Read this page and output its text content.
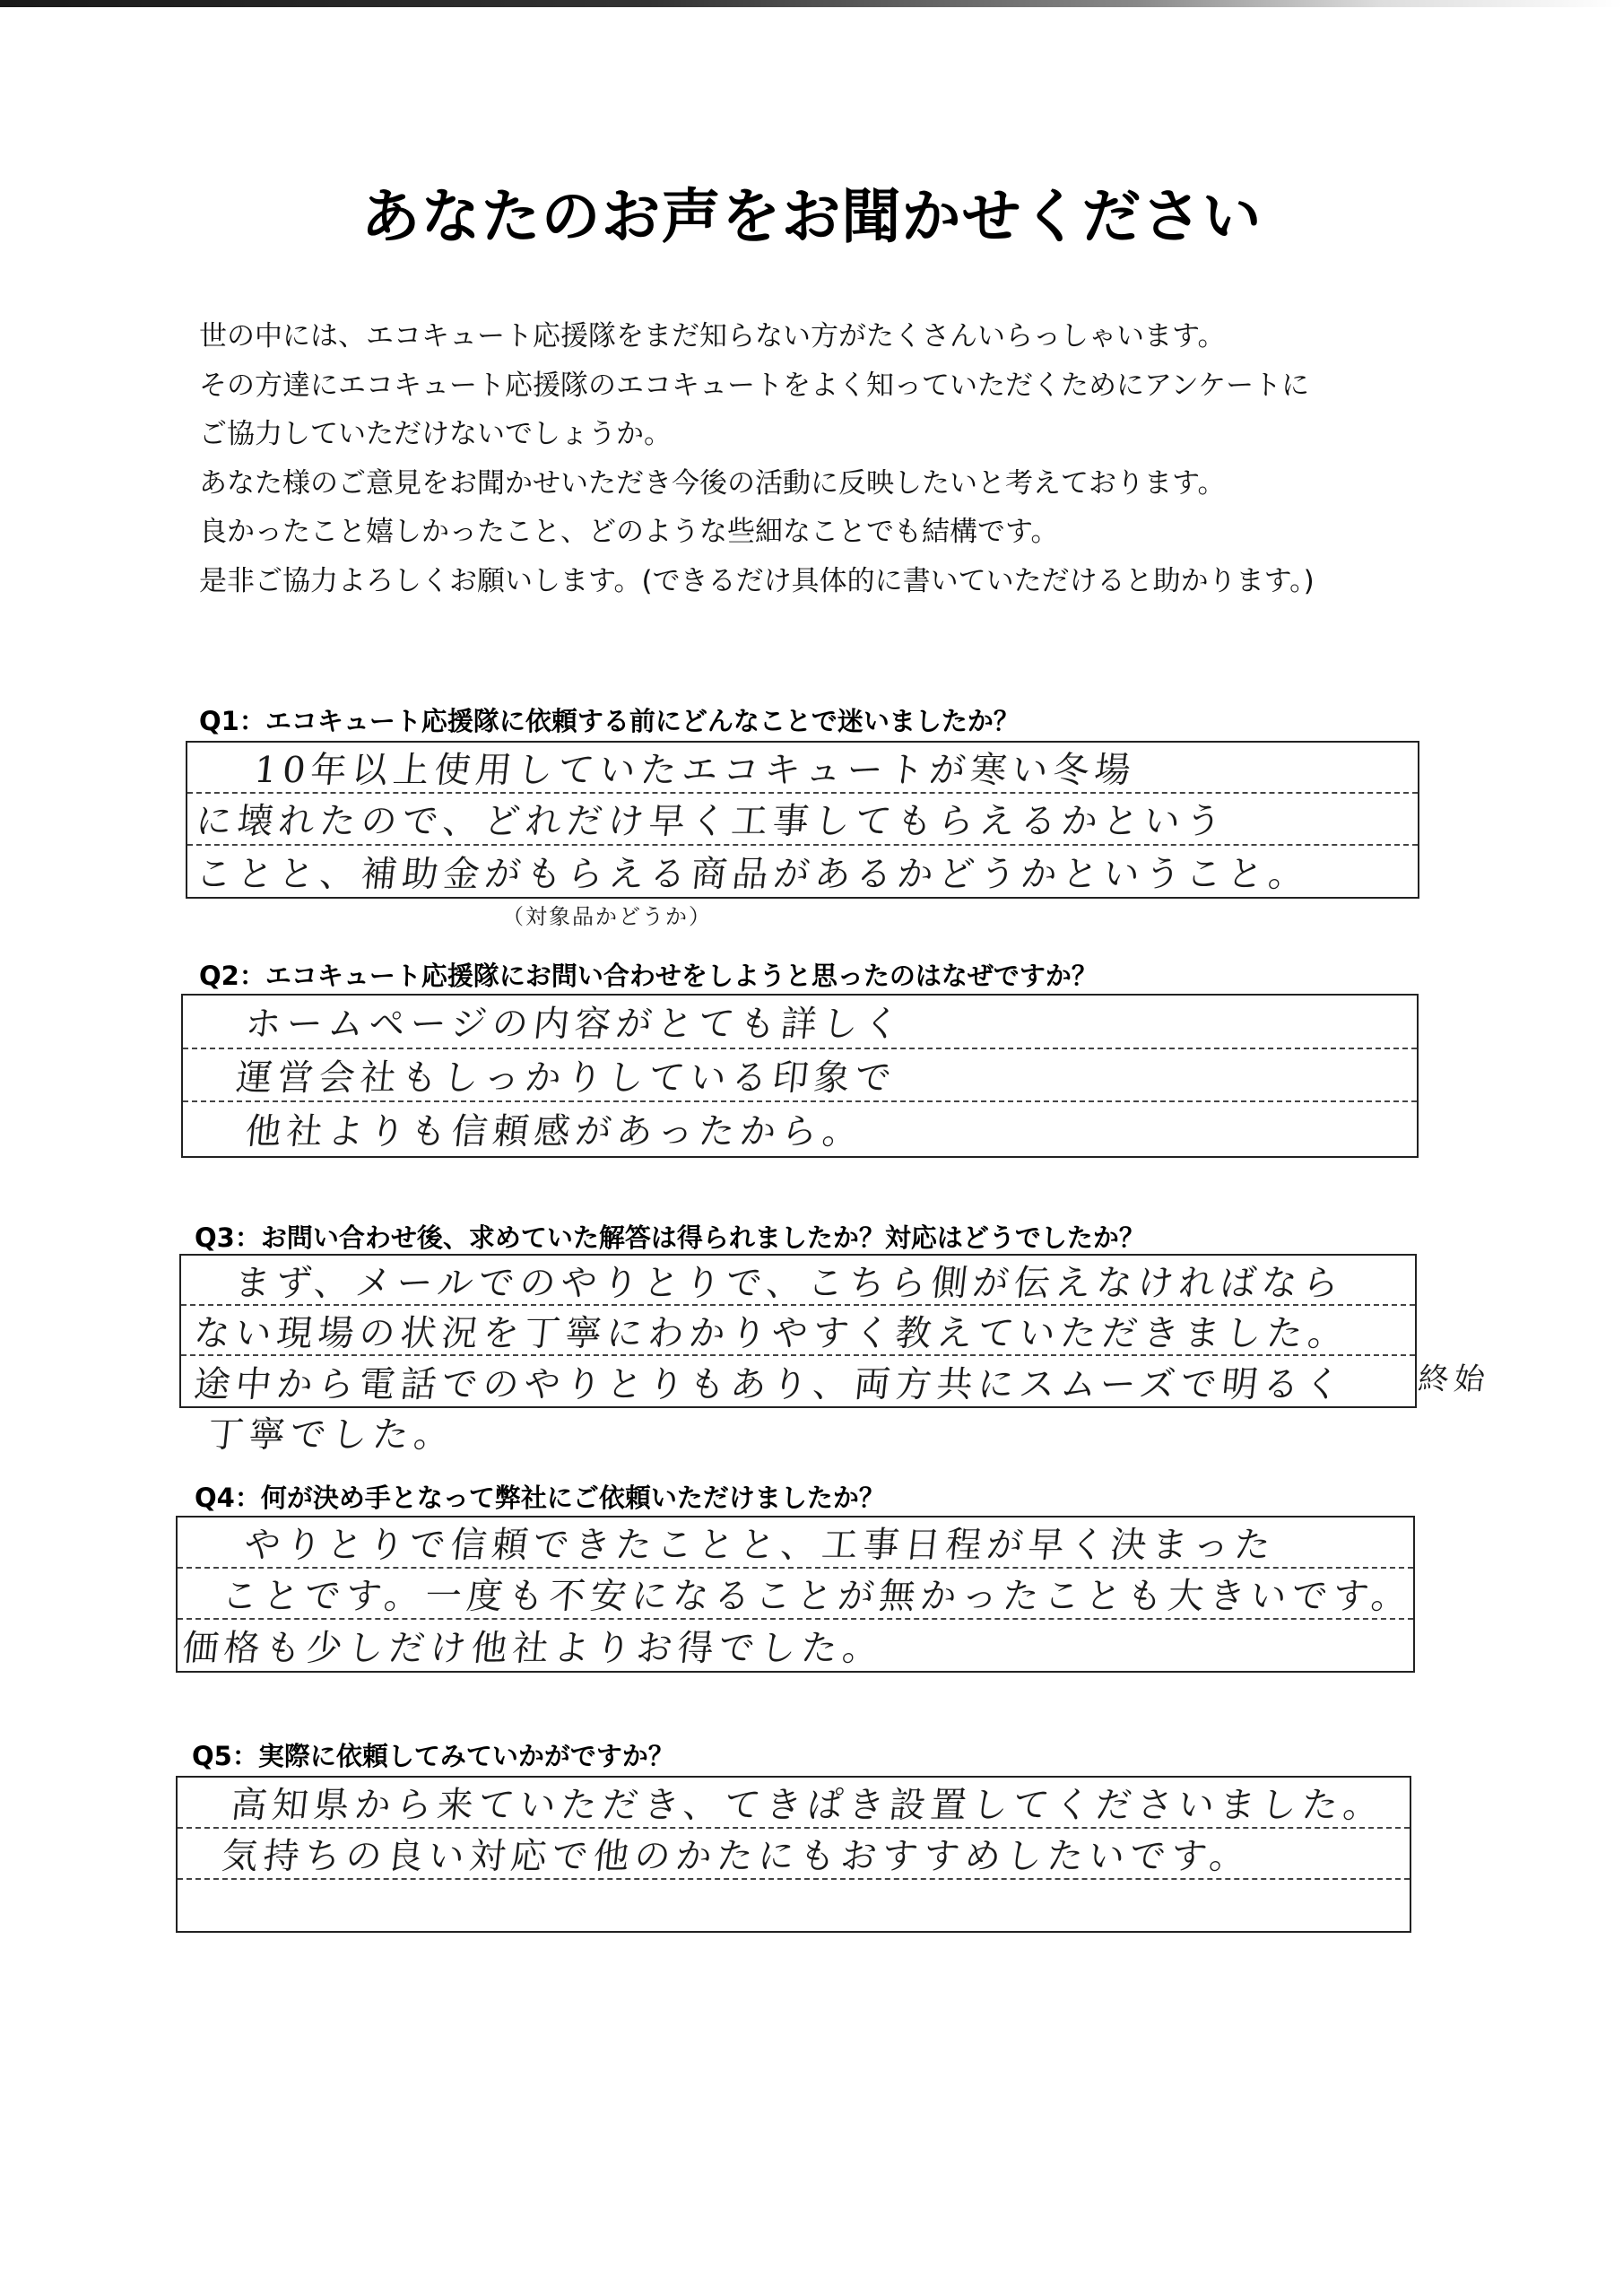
あなたのお声をお聞かせください

世の中には、エコキュート応援隊をまだ知らない方がたくさんいらっしゃいます。

その方達にエコキュート応援隊のエコキュートをよく知っていただくためにアンケートに

ご協力していただけないでしょうか。

あなた様のご意見をお聞かせいただき今後の活動に反映したいと考えております。

良かったこと嬉しかったこと、どのような些細なことでも結構です。

是非ご協力よろしくお願いします。(できるだけ具体的に書いていただけると助かります。)

Q1：エコキュート応援隊に依頼する前にどんなことで迷いましたか？
10年以上使用していたエコキュートが寒い冬場
に壊れたので、どれだけ早く工事してもらえるかという
ことと、補助金がもらえる商品があるかどうかということ。
（対象品かどうか）
Q2：エコキュート応援隊にお問い合わせをしようと思ったのはなぜですか？
ホームページの内容がとても詳しく
運営会社もしっかりしている印象で
他社よりも信頼感があったから。
Q3：お問い合わせ後、求めていた解答は得られましたか？対応はどうでしたか？
まず、メールでのやりとりで、こちら側が伝えなければなら
ない現場の状況を丁寧にわかりやすく教えていただきました。
途中から電話でのやりとりもあり、両方共にスムーズで明るく 終始
丁寧でした。
Q4：何が決め手となって弊社にご依頼いただけましたか？
やりとりで信頼できたことと、工事日程が早く決まった
ことです。一度も不安になることが無かったことも大きいです。
価格も少しだけ他社よりお得でした。
Q5：実際に依頼してみていかがですか？
高知県から来ていただき、てきぱき設置してくださいました。
気持ちの良い対応で他のかたにもおすすめしたいです。
